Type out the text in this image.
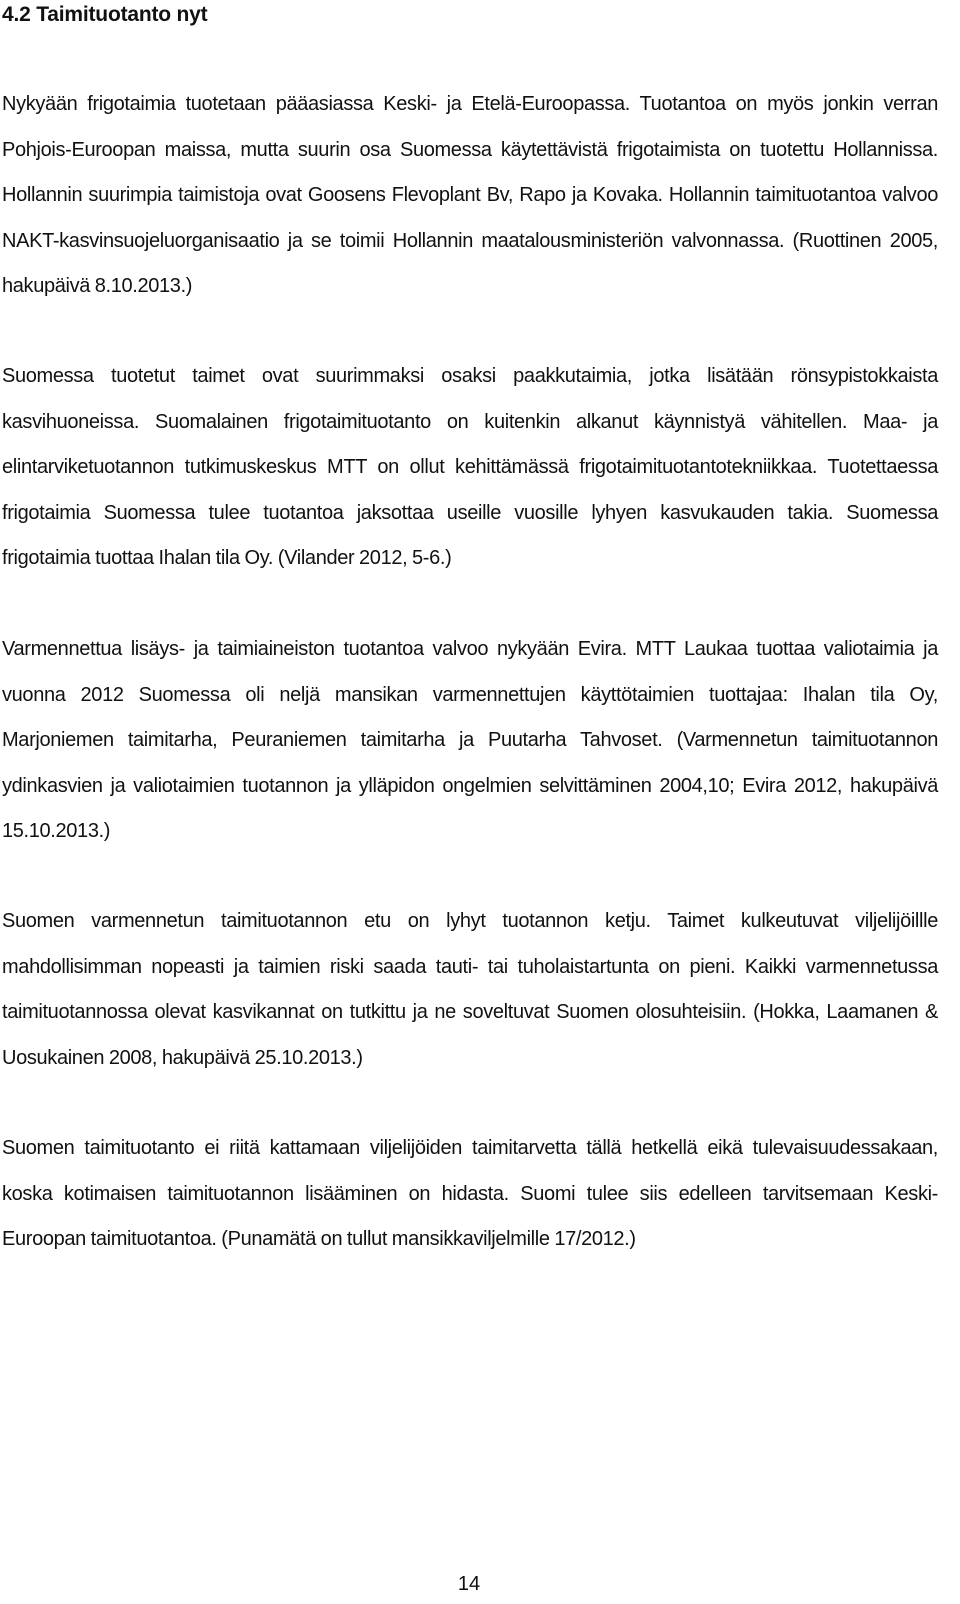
4.2 Taimituotanto nyt

Nykyään frigotaimia tuotetaan pääasiassa Keski- ja Etelä-Euroopassa. Tuotantoa on myös jonkin verran Pohjois-Euroopan maissa, mutta suurin osa Suomessa käytettävistä frigotaimista on tuotettu Hollannissa. Hollannin suurimpia taimistoja ovat Goosens Flevoplant Bv, Rapo ja Kovaka. Hollannin taimituotantoa valvoo NAKT-kasvinsuojeluorganisaatio ja se toimii Hollannin maatalousministeriön valvonnassa. (Ruottinen 2005, hakupäivä 8.10.2013.)

Suomessa tuotetut taimet ovat suurimmaksi osaksi paakkutaimia, jotka lisätään rönsypistokkaista kasvihuoneissa. Suomalainen frigotaimituotanto on kuitenkin alkanut käynnistyä vähitellen. Maa- ja elintarviketuotannon tutkimuskeskus MTT on ollut kehittämässä frigotaimituotantotekniikkaa. Tuotettaessa frigotaimia Suomessa tulee tuotantoa jaksottaa useille vuosille lyhyen kasvukauden takia. Suomessa frigotaimia tuottaa Ihalan tila Oy. (Vilander 2012, 5-6.)

Varmennettua lisäys- ja taimiaineiston tuotantoa valvoo nykyään Evira. MTT Laukaa tuottaa valiotaimia ja vuonna 2012 Suomessa oli neljä mansikan varmennettujen käyttötaimien tuottajaa: Ihalan tila Oy, Marjoniemen taimitarha, Peuraniemen taimitarha ja Puutarha Tahvoset. (Varmennetun taimituotannon ydinkasvien ja valiotaimien tuotannon ja ylläpidon ongelmien selvittäminen 2004,10; Evira 2012, hakupäivä 15.10.2013.)

Suomen varmennetun taimituotannon etu on lyhyt tuotannon ketju. Taimet kulkeutuvat viljelijöillle mahdollisimman nopeasti ja taimien riski saada tauti- tai tuholaistartunta on pieni. Kaikki varmennetussa taimituotannossa olevat kasvikannat on tutkittu ja ne soveltuvat Suomen olosuhteisiin. (Hokka, Laamanen & Uosukainen 2008, hakupäivä 25.10.2013.)

Suomen taimituotanto ei riitä kattamaan viljelijöiden taimitarvetta tällä hetkellä eikä tulevaisuudessakaan, koska kotimaisen taimituotannon lisääminen on hidasta. Suomi tulee siis edelleen tarvitsemaan Keski-Euroopan taimituotantoa. (Punamätä on tullut mansikkaviljelmille 17/2012.)

14
